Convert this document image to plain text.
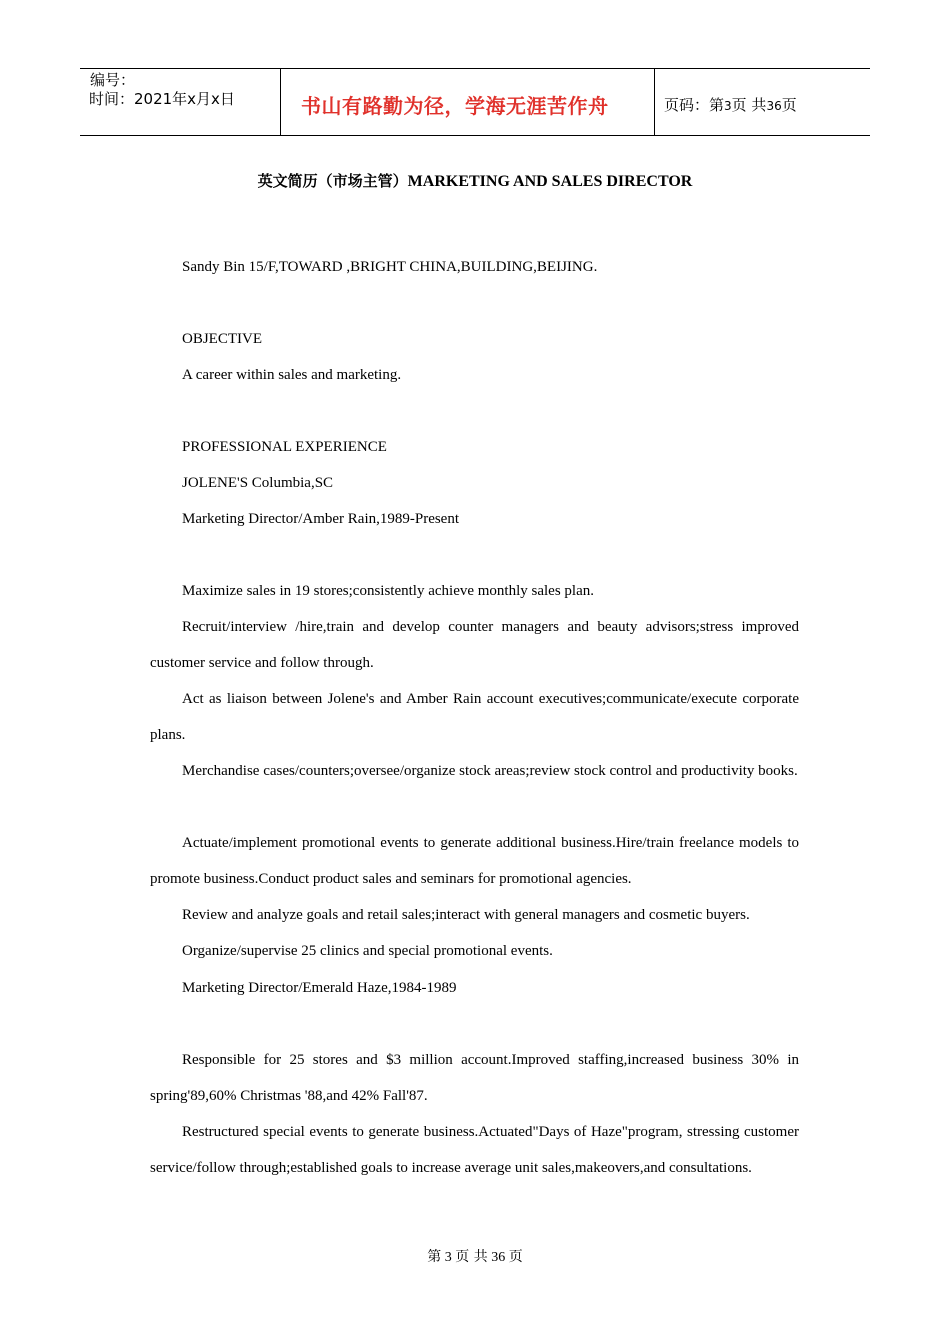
编号：
时间：2021年x月x日	书山有路勤为径，学海无涯苦作舟	页码：第3页 共36页
英文简历（市场主管）MARKETING AND SALES DIRECTOR
Sandy Bin 15/F,TOWARD ,BRIGHT CHINA,BUILDING,BEIJING.
OBJECTIVE
A career within sales and marketing.
PROFESSIONAL EXPERIENCE
JOLENE'S Columbia,SC
Marketing Director/Amber Rain,1989-Present
Maximize sales in 19 stores;consistently achieve monthly sales plan.
Recruit/interview /hire,train and develop counter managers and beauty advisors;stress improved customer service and follow through.
Act as liaison between Jolene's and Amber Rain account executives;communicate/execute corporate plans.
Merchandise cases/counters;oversee/organize stock areas;review stock control and productivity books.
Actuate/implement promotional events to generate additional business.Hire/train freelance models to promote business.Conduct product sales and seminars for promotional agencies.
Review and analyze goals and retail sales;interact with general managers and cosmetic buyers.
Organize/supervise 25 clinics and special promotional events.
Marketing Director/Emerald Haze,1984-1989
Responsible for 25 stores and $3 million account.Improved staffing,increased business 30% in spring'89,60% Christmas '88,and 42% Fall'87.
Restructured special events to generate business.Actuated"Days of Haze"program, stressing customer service/follow through;established goals to increase average unit sales,makeovers,and consultations.
第 3 页 共 36 页
